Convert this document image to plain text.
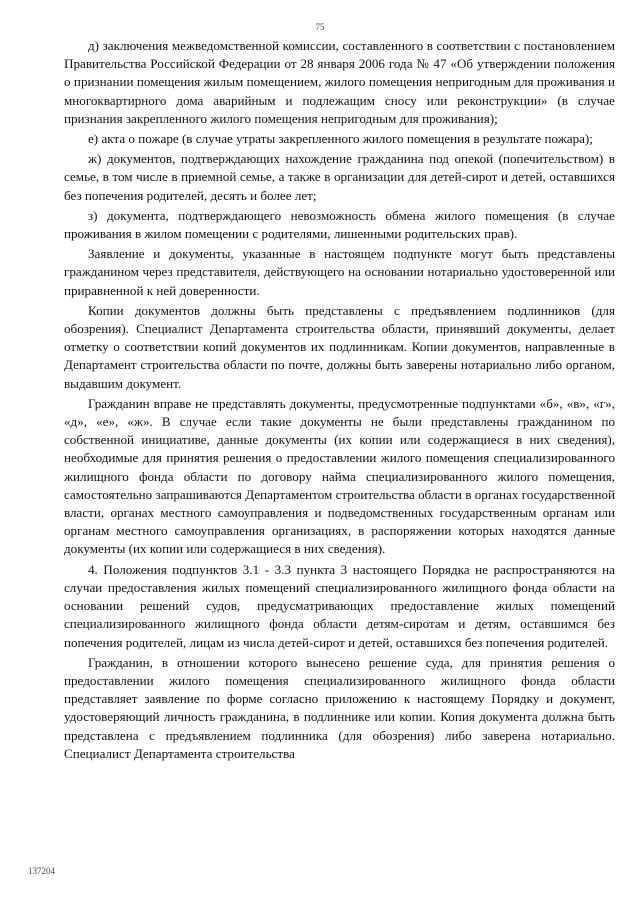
75

д) заключения межведомственной комиссии, составленного в соответствии с постановлением Правительства Российской Федерации от 28 января 2006 года № 47 «Об утверждении положения о признании помещения жилым помещением, жилого помещения непригодным для проживания и многоквартирного дома аварийным и подлежащим сносу или реконструкции» (в случае признания закрепленного жилого помещения непригодным для проживания);

е) акта о пожаре (в случае утраты закрепленного жилого помещения в результате пожара);

ж) документов, подтверждающих нахождение гражданина под опекой (попечительством) в семье, в том числе в приемной семье, а также в организации для детей-сирот и детей, оставшихся без попечения родителей, десять и более лет;

з) документа, подтверждающего невозможность обмена жилого помещения (в случае проживания в жилом помещении с родителями, лишенными родительских прав).

Заявление и документы, указанные в настоящем подпункте могут быть представлены гражданином через представителя, действующего на основании нотариально удостоверенной или приравненной к ней доверенности.

Копии документов должны быть представлены с предъявлением подлинников (для обозрения). Специалист Департамента строительства области, принявший документы, делает отметку о соответствии копий документов их подлинникам. Копии документов, направленные в Департамент строительства области по почте, должны быть заверены нотариально либо органом, выдавшим документ.

Гражданин вправе не представлять документы, предусмотренные подпунктами «б», «в», «г», «д», «е», «ж». В случае если такие документы не были представлены гражданином по собственной инициативе, данные документы (их копии или содержащиеся в них сведения), необходимые для принятия решения о предоставлении жилого помещения специализированного жилищного фонда области по договору найма специализированного жилого помещения, самостоятельно запрашиваются Департаментом строительства области в органах государственной власти, органах местного самоуправления и подведомственных государственным органам или органам местного самоуправления организациях, в распоряжении которых находятся данные документы (их копии или содержащиеся в них сведения).

4. Положения подпунктов 3.1 - 3.3 пункта 3 настоящего Порядка не распространяются на случаи предоставления жилых помещений специализированного жилищного фонда области на основании решений судов, предусматривающих предоставление жилых помещений специализированного жилищного фонда области детям-сиротам и детям, оставшимся без попечения родителей, лицам из числа детей-сирот и детей, оставшихся без попечения родителей.

Гражданин, в отношении которого вынесено решение суда, для принятия решения о предоставлении жилого помещения специализированного жилищного фонда области представляет заявление по форме согласно приложению к настоящему Порядку и документ, удостоверяющий личность гражданина, в подлиннике или копии. Копия документа должна быть представлена с предъявлением подлинника (для обозрения) либо заверена нотариально. Специалист Департамента строительства

137204
